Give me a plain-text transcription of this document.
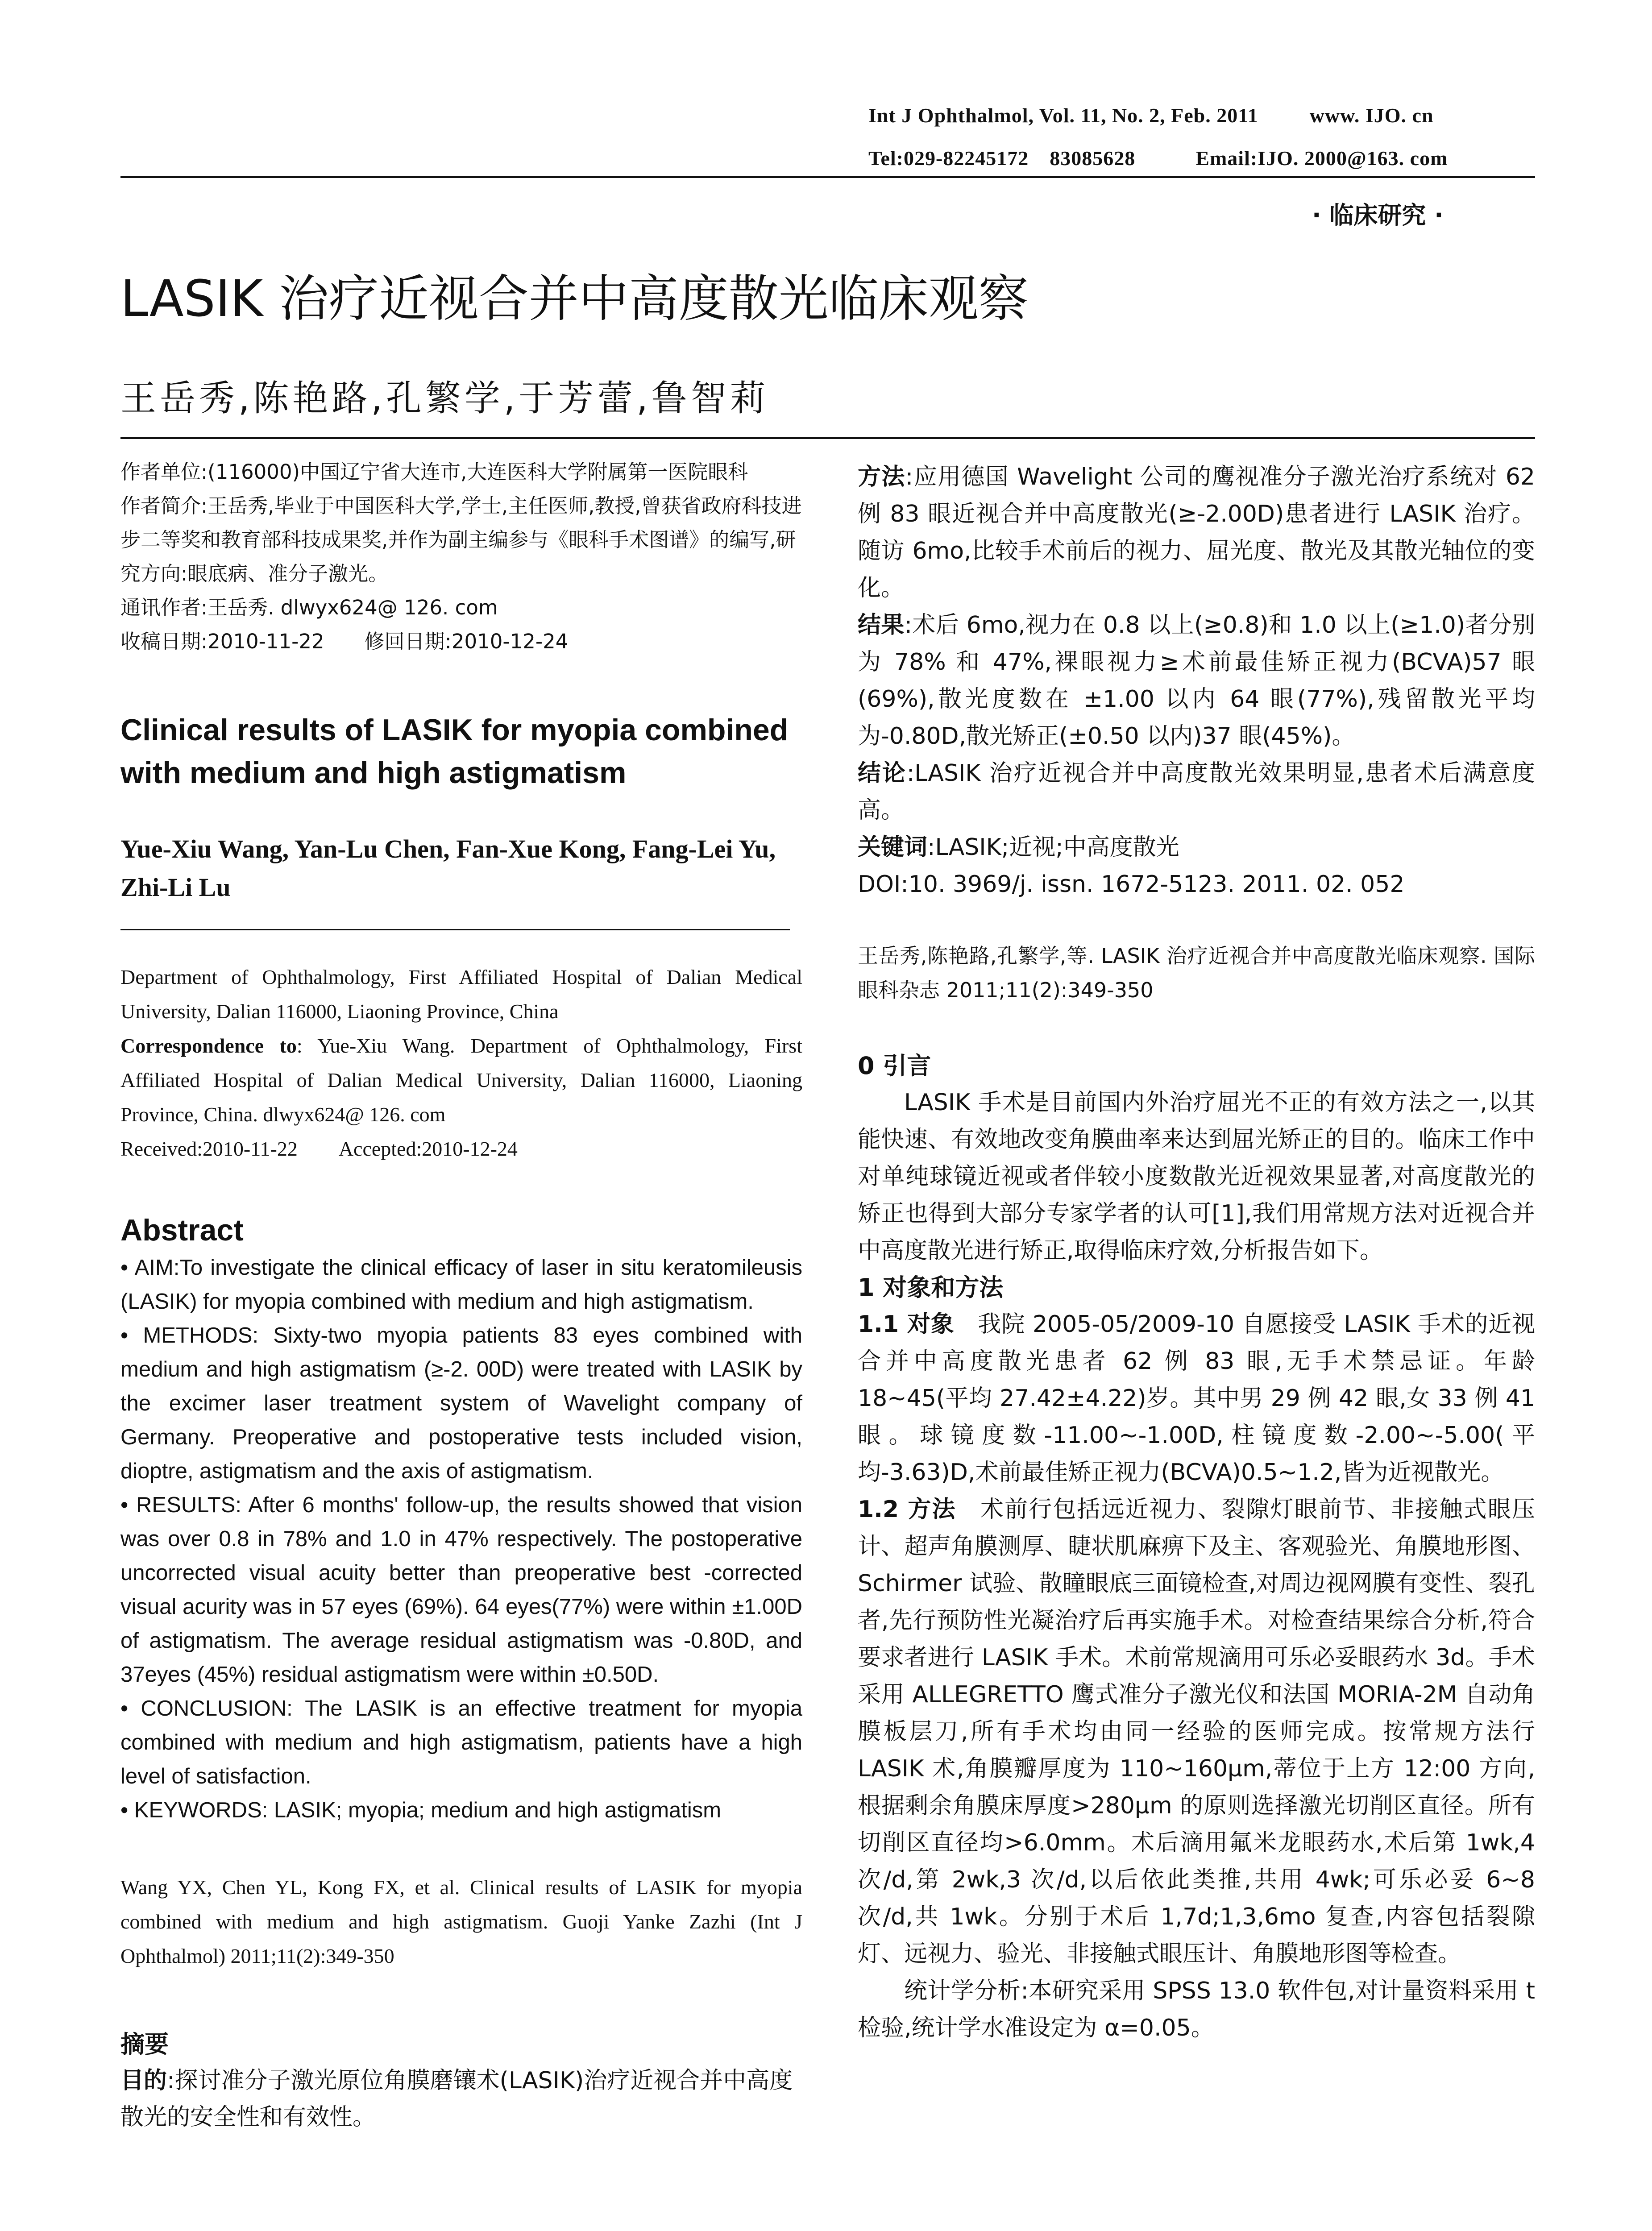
Int J Ophthalmol, Vol. 11, No. 2, Feb. 2011	www. IJO. cn
Tel:029-82245172　83085628	Email:IJO. 2000@163. com
· 临床研究 ·
LASIK 治疗近视合并中高度散光临床观察
王岳秀,陈艳路,孔繁学,于芳蕾,鲁智莉

作者单位:(116000)中国辽宁省大连市,大连医科大学附属第一医院眼科

作者简介:王岳秀,毕业于中国医科大学,学士,主任医师,教授,曾获省政府科技进步二等奖和教育部科技成果奖,并作为副主编参与《眼科手术图谱》的编写,研究方向:眼底病、准分子激光。

通讯作者:王岳秀. dlwyx624@ 126. com

收稿日期:2010-11-22　　修回日期:2010-12-24

Clinical results of LASIK for myopia combined with medium and high astigmatism
Yue-Xiu Wang, Yan-Lu Chen, Fan-Xue Kong, Fang-Lei Yu, Zhi-Li Lu

Department of Ophthalmology, First Affiliated Hospital of Dalian Medical University, Dalian 116000, Liaoning Province, China

Correspondence to: Yue-Xiu Wang. Department of Ophthalmology, First Affiliated Hospital of Dalian Medical University, Dalian 116000, Liaoning Province, China. dlwyx624@ 126. com

Received:2010-11-22　　Accepted:2010-12-24

Abstract

• AIM:To investigate the clinical efficacy of laser in situ keratomileusis (LASIK) for myopia combined with medium and high astigmatism.

• METHODS: Sixty-two myopia patients 83 eyes combined with medium and high astigmatism (≥-2. 00D) were treated with LASIK by the excimer laser treatment system of Wavelight company of Germany. Preoperative and postoperative tests included vision, dioptre, astigmatism and the axis of astigmatism.

• RESULTS: After 6 months' follow-up, the results showed that vision was over 0.8 in 78% and 1.0 in 47% respectively. The postoperative uncorrected visual acuity better than preoperative best -corrected visual acurity was in 57 eyes (69%). 64 eyes(77%) were within ±1.00D of astigmatism. The average residual astigmatism was -0.80D, and 37eyes (45%) residual astigmatism were within ±0.50D.

• CONCLUSION: The LASIK is an effective treatment for myopia combined with medium and high astigmatism, patients have a high level of satisfaction.

• KEYWORDS: LASIK; myopia; medium and high astigmatism

Wang YX, Chen YL, Kong FX, et al. Clinical results of LASIK for myopia combined with medium and high astigmatism. Guoji Yanke Zazhi (Int J Ophthalmol) 2011;11(2):349-350
摘要
目的:探讨准分子激光原位角膜磨镶术(LASIK)治疗近视合并中高度散光的安全性和有效性。

方法:应用德国 Wavelight 公司的鹰视准分子激光治疗系统对 62 例 83 眼近视合并中高度散光(≥-2.00D)患者进行 LASIK 治疗。随访 6mo,比较手术前后的视力、屈光度、散光及其散光轴位的变化。

结果:术后 6mo,视力在 0.8 以上(≥0.8)和 1.0 以上(≥1.0)者分别为 78% 和 47%,裸眼视力≥术前最佳矫正视力(BCVA)57 眼(69%),散光度数在 ±1.00 以内 64 眼(77%),残留散光平均为-0.80D,散光矫正(±0.50 以内)37 眼(45%)。

结论:LASIK 治疗近视合并中高度散光效果明显,患者术后满意度高。

关键词:LASIK;近视;中高度散光

DOI:10. 3969/j. issn. 1672-5123. 2011. 02. 052

王岳秀,陈艳路,孔繁学,等. LASIK 治疗近视合并中高度散光临床观察. 国际眼科杂志 2011;11(2):349-350
0 引言

LASIK 手术是目前国内外治疗屈光不正的有效方法之一,以其能快速、有效地改变角膜曲率来达到屈光矫正的目的。临床工作中对单纯球镜近视或者伴较小度数散光近视效果显著,对高度散光的矫正也得到大部分专家学者的认可[1],我们用常规方法对近视合并中高度散光进行矫正,取得临床疗效,分析报告如下。

1 对象和方法

1.1 对象　我院 2005-05/2009-10 自愿接受 LASIK 手术的近视合并中高度散光患者 62 例 83 眼,无手术禁忌证。年龄 18~45(平均 27.42±4.22)岁。其中男 29 例 42 眼,女 33 例 41 眼。球镜度数-11.00~-1.00D,柱镜度数-2.00~-5.00(平均-3.63)D,术前最佳矫正视力(BCVA)0.5~1.2,皆为近视散光。

1.2 方法　术前行包括远近视力、裂隙灯眼前节、非接触式眼压计、超声角膜测厚、睫状肌麻痹下及主、客观验光、角膜地形图、Schirmer 试验、散瞳眼底三面镜检查,对周边视网膜有变性、裂孔者,先行预防性光凝治疗后再实施手术。对检查结果综合分析,符合要求者进行 LASIK 手术。术前常规滴用可乐必妥眼药水 3d。手术采用 ALLEGRETTO 鹰式准分子激光仪和法国 MORIA-2M 自动角膜板层刀,所有手术均由同一经验的医师完成。按常规方法行 LASIK 术,角膜瓣厚度为 110~160μm,蒂位于上方 12:00 方向,根据剩余角膜床厚度>280μm 的原则选择激光切削区直径。所有切削区直径均>6.0mm。术后滴用氟米龙眼药水,术后第 1wk,4 次/d,第 2wk,3 次/d,以后依此类推,共用 4wk;可乐必妥 6~8 次/d,共 1wk。分别于术后 1,7d;1,3,6mo 复查,内容包括裂隙灯、远视力、验光、非接触式眼压计、角膜地形图等检查。

统计学分析:本研究采用 SPSS 13.0 软件包,对计量资料采用 t 检验,统计学水准设定为 α=0.05。
